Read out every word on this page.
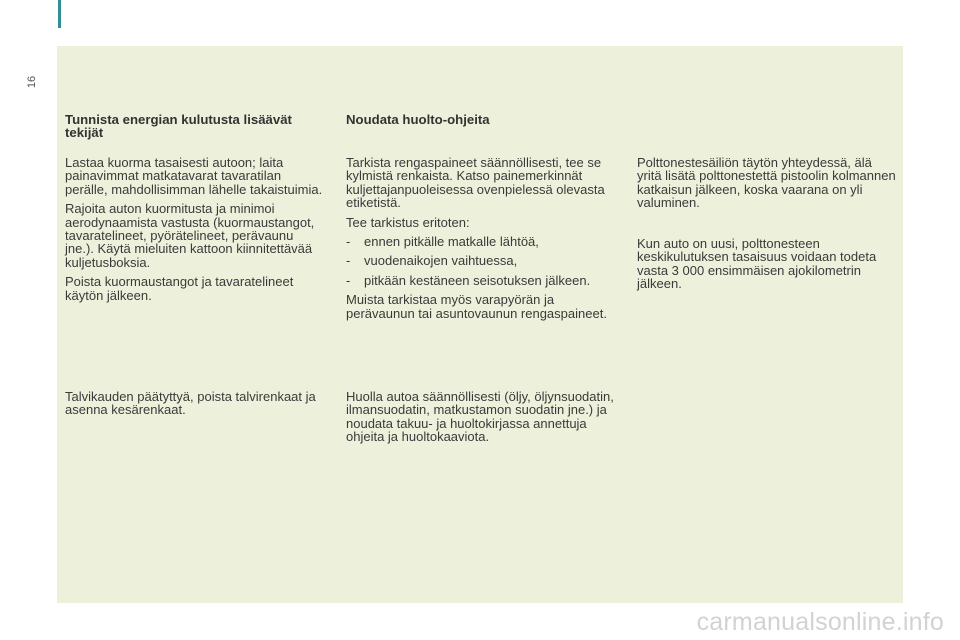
16
Tunnista energian kulutusta lisäävät tekijät

Lastaa kuorma tasaisesti autoon; laita painavimmat matkatavarat tavaratilan perälle, mahdollisimman lähelle takaistuimia.

Rajoita auton kuormitusta ja minimoi aerodynaamista vastusta (kuormaustangot, tavaratelineet, pyörätelineet, perävaunu jne.). Käytä mieluiten kattoon kiinnitettävää kuljetusboksia.

Poista kuormaustangot ja tavaratelineet käytön jälkeen.

Talvikauden päätyttyä, poista talvirenkaat ja asenna kesärenkaat.

Noudata huolto-ohjeita

Tarkista rengaspaineet säännöllisesti, tee se kylmistä renkaista. Katso painemerkinnät kuljettajanpuoleisessa ovenpielessä olevasta etiketistä.

Tee tarkistus eritoten:

- ennen pitkälle matkalle lähtöä,
- vuodenaikojen vaihtuessa,
- pitkään kestäneen seisotuksen jälkeen.

Muista tarkistaa myös varapyörän ja perävaunun tai asuntovaunun rengaspaineet.

Huolla autoa säännöllisesti (öljy, öljynsuodatin, ilmansuodatin, matkustamon suodatin jne.) ja noudata takuu- ja huoltokirjassa annettuja ohjeita ja huoltokaaviota.

Polttonestesäiliön täytön yhteydessä, älä yritä lisätä polttonestettä pistoolin kolmannen katkaisun jälkeen, koska vaarana on yli valuminen.

Kun auto on uusi, polttonesteen keskikulutuksen tasaisuus voidaan todeta vasta 3 000 ensimmäisen ajokilometrin jälkeen.

carmanualsonline.info
